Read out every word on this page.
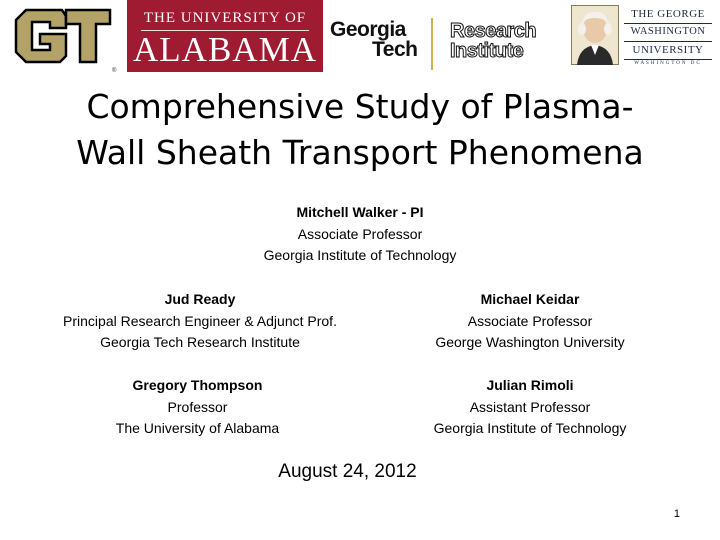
®
THE UNIVERSITY OF
ALABAMA
Georgia
Tech
Research
Institute
THE GEORGE
WASHINGTON
UNIVERSITY
WASHINGTON DC
Comprehensive Study of Plasma-
Wall Sheath Transport Phenomena
Mitchell Walker - PI
Associate Professor
Georgia Institute of Technology
Jud Ready
Principal Research Engineer & Adjunct Prof.
Georgia Tech Research Institute
Michael Keidar
Associate Professor
George Washington University
Gregory Thompson
Professor
The University of Alabama
Julian Rimoli
Assistant Professor
Georgia Institute of Technology
August 24, 2012
1
